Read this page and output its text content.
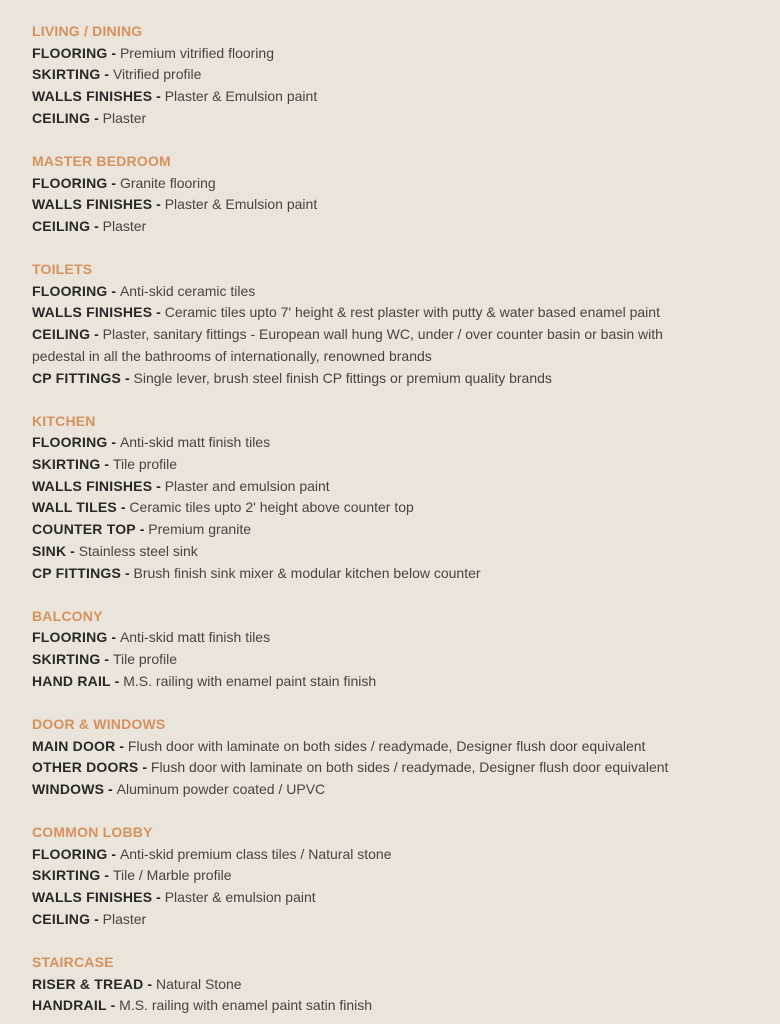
LIVING / DINING
FLOORING - Premium vitrified flooring
SKIRTING - Vitrified profile
WALLS FINISHES - Plaster & Emulsion paint
CEILING - Plaster
MASTER BEDROOM
FLOORING - Granite flooring
WALLS FINISHES - Plaster & Emulsion paint
CEILING - Plaster
TOILETS
FLOORING - Anti-skid ceramic tiles
WALLS FINISHES - Ceramic tiles upto 7' height & rest plaster with putty & water based enamel paint
CEILING - Plaster, sanitary fittings - European wall hung WC, under / over counter basin or basin with pedestal in all the bathrooms of internationally, renowned brands
CP FITTINGS - Single lever, brush steel finish CP fittings or premium quality brands
KITCHEN
FLOORING - Anti-skid matt finish tiles
SKIRTING - Tile profile
WALLS FINISHES - Plaster and emulsion paint
WALL TILES - Ceramic tiles upto 2' height above counter top
COUNTER TOP - Premium granite
SINK - Stainless steel sink
CP FITTINGS - Brush finish sink mixer & modular kitchen below counter
BALCONY
FLOORING - Anti-skid matt finish tiles
SKIRTING - Tile profile
HAND RAIL - M.S. railing with enamel paint stain finish
DOOR & WINDOWS
MAIN DOOR - Flush door with laminate on both sides / readymade, Designer flush door equivalent
OTHER DOORS - Flush door with laminate on both sides / readymade, Designer flush door equivalent
WINDOWS - Aluminum powder coated / UPVC
COMMON LOBBY
FLOORING - Anti-skid premium class tiles / Natural stone
SKIRTING - Tile / Marble profile
WALLS FINISHES - Plaster & emulsion paint
CEILING - Plaster
STAIRCASE
RISER & TREAD - Natural Stone
HANDRAIL - M.S. railing with enamel paint satin finish
